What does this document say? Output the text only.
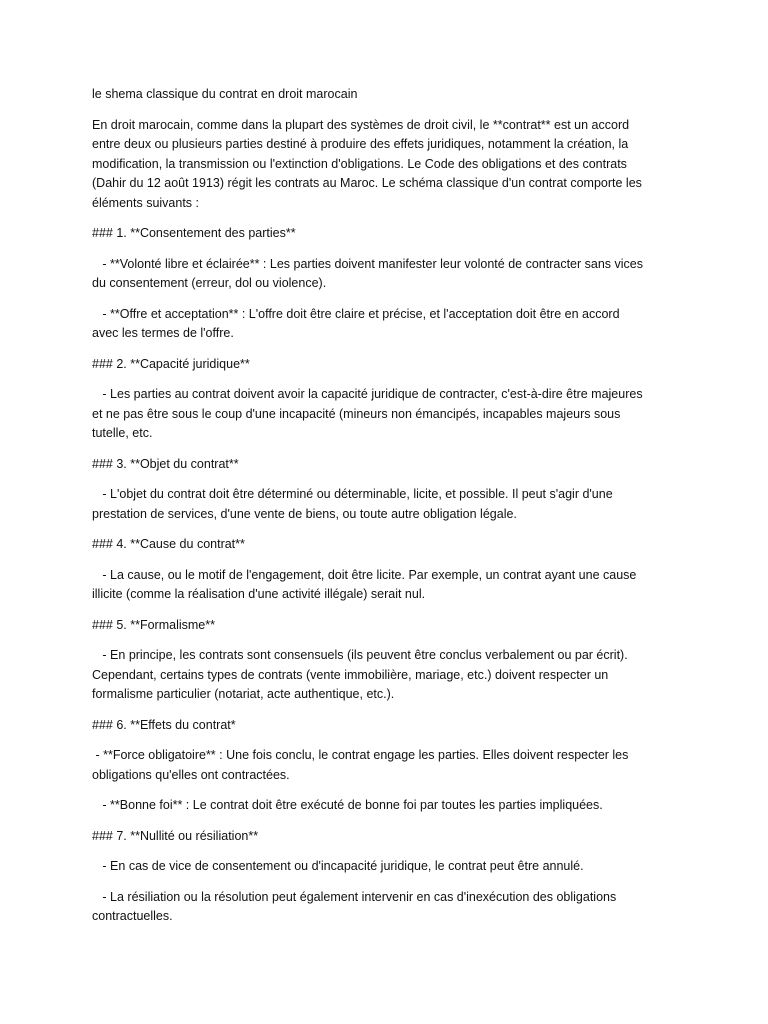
le shema classique du contrat en droit marocain

En droit marocain, comme dans la plupart des systèmes de droit civil, le **contrat** est un accord
entre deux ou plusieurs parties destiné à produire des effets juridiques, notamment la création, la
modification, la transmission ou l'extinction d'obligations. Le Code des obligations et des contrats
(Dahir du 12 août 1913) régit les contrats au Maroc. Le schéma classique d'un contrat comporte les
éléments suivants :

### 1. **Consentement des parties**

- **Volonté libre et éclairée** : Les parties doivent manifester leur volonté de contracter sans vices
du consentement (erreur, dol ou violence).

- **Offre et acceptation** : L'offre doit être claire et précise, et l'acceptation doit être en accord
avec les termes de l'offre.

### 2. **Capacité juridique**

- Les parties au contrat doivent avoir la capacité juridique de contracter, c'est-à-dire être majeures
et ne pas être sous le coup d'une incapacité (mineurs non émancipés, incapables majeurs sous
tutelle, etc.

### 3. **Objet du contrat**

- L'objet du contrat doit être déterminé ou déterminable, licite, et possible. Il peut s'agir d'une
prestation de services, d'une vente de biens, ou toute autre obligation légale.

### 4. **Cause du contrat**

- La cause, ou le motif de l'engagement, doit être licite. Par exemple, un contrat ayant une cause
illicite (comme la réalisation d'une activité illégale) serait nul.

### 5. **Formalisme**

- En principe, les contrats sont consensuels (ils peuvent être conclus verbalement ou par écrit).
Cependant, certains types de contrats (vente immobilière, mariage, etc.) doivent respecter un
formalisme particulier (notariat, acte authentique, etc.).

### 6. **Effets du contrat*

- **Force obligatoire** : Une fois conclu, le contrat engage les parties. Elles doivent respecter les
obligations qu'elles ont contractées.

- **Bonne foi** : Le contrat doit être exécuté de bonne foi par toutes les parties impliquées.

### 7. **Nullité ou résiliation**

- En cas de vice de consentement ou d'incapacité juridique, le contrat peut être annulé.

- La résiliation ou la résolution peut également intervenir en cas d'inexécution des obligations
contractuelles.
